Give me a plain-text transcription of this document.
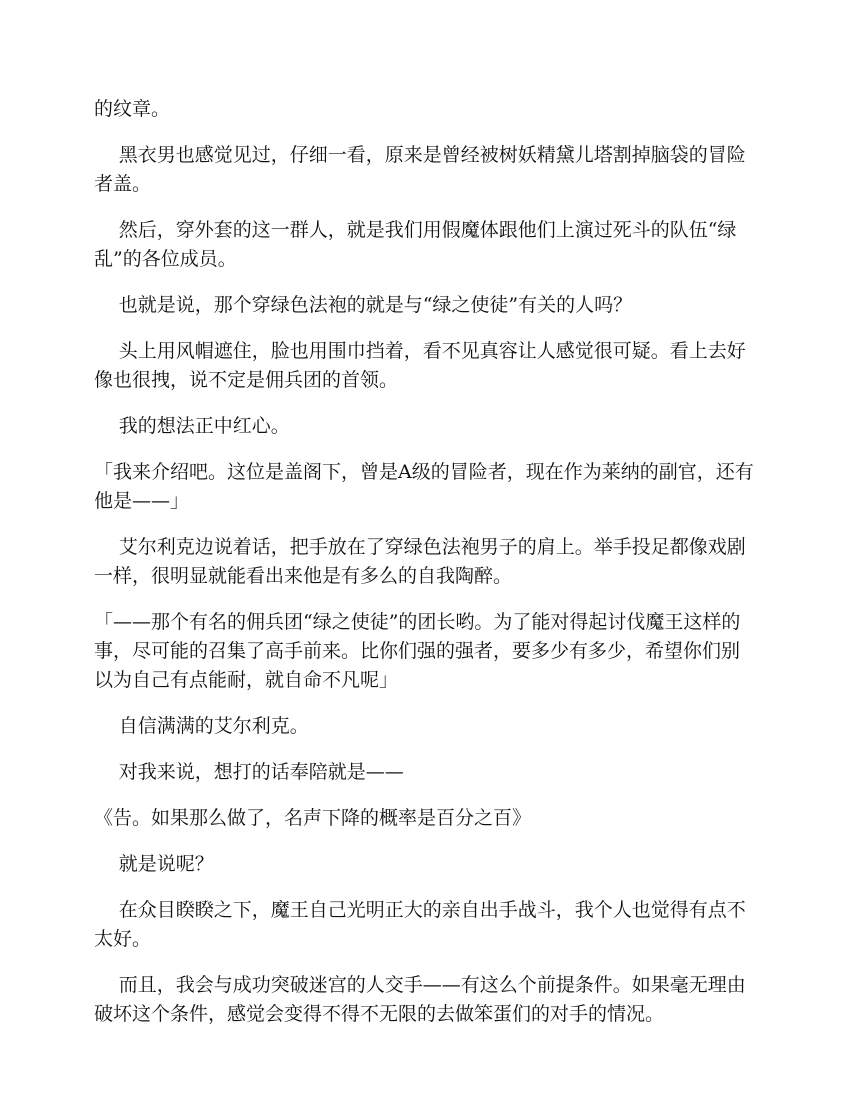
的纹章。

黑衣男也感觉见过，仔细一看，原来是曾经被树妖精黛儿塔割掉脑袋的冒险者盖。

然后，穿外套的这一群人，就是我们用假魔体跟他们上演过死斗的队伍“绿乱”的各位成员。

也就是说，那个穿绿色法袍的就是与“绿之使徒”有关的人吗？

头上用风帽遮住，脸也用围巾挡着，看不见真容让人感觉很可疑。看上去好像也很拽，说不定是佣兵团的首领。

我的想法正中红心。

「我来介绍吧。这位是盖阁下，曾是A级的冒险者，现在作为莱纳的副官，还有他是——」

艾尔利克边说着话，把手放在了穿绿色法袍男子的肩上。举手投足都像戏剧一样，很明显就能看出来他是有多么的自我陶醉。

「——那个有名的佣兵团“绿之使徒”的团长哟。为了能对得起讨伐魔王这样的事，尽可能的召集了高手前来。比你们强的强者，要多少有多少，希望你们别以为自己有点能耐，就自命不凡呢」

自信满满的艾尔利克。

对我来说，想打的话奉陪就是——

《告。如果那么做了，名声下降的概率是百分之百》

就是说呢？

在众目睽睽之下，魔王自己光明正大的亲自出手战斗，我个人也觉得有点不太好。

而且，我会与成功突破迷宫的人交手——有这么个前提条件。如果毫无理由破坏这个条件，感觉会变得不得不无限的去做笨蛋们的对手的情况。
